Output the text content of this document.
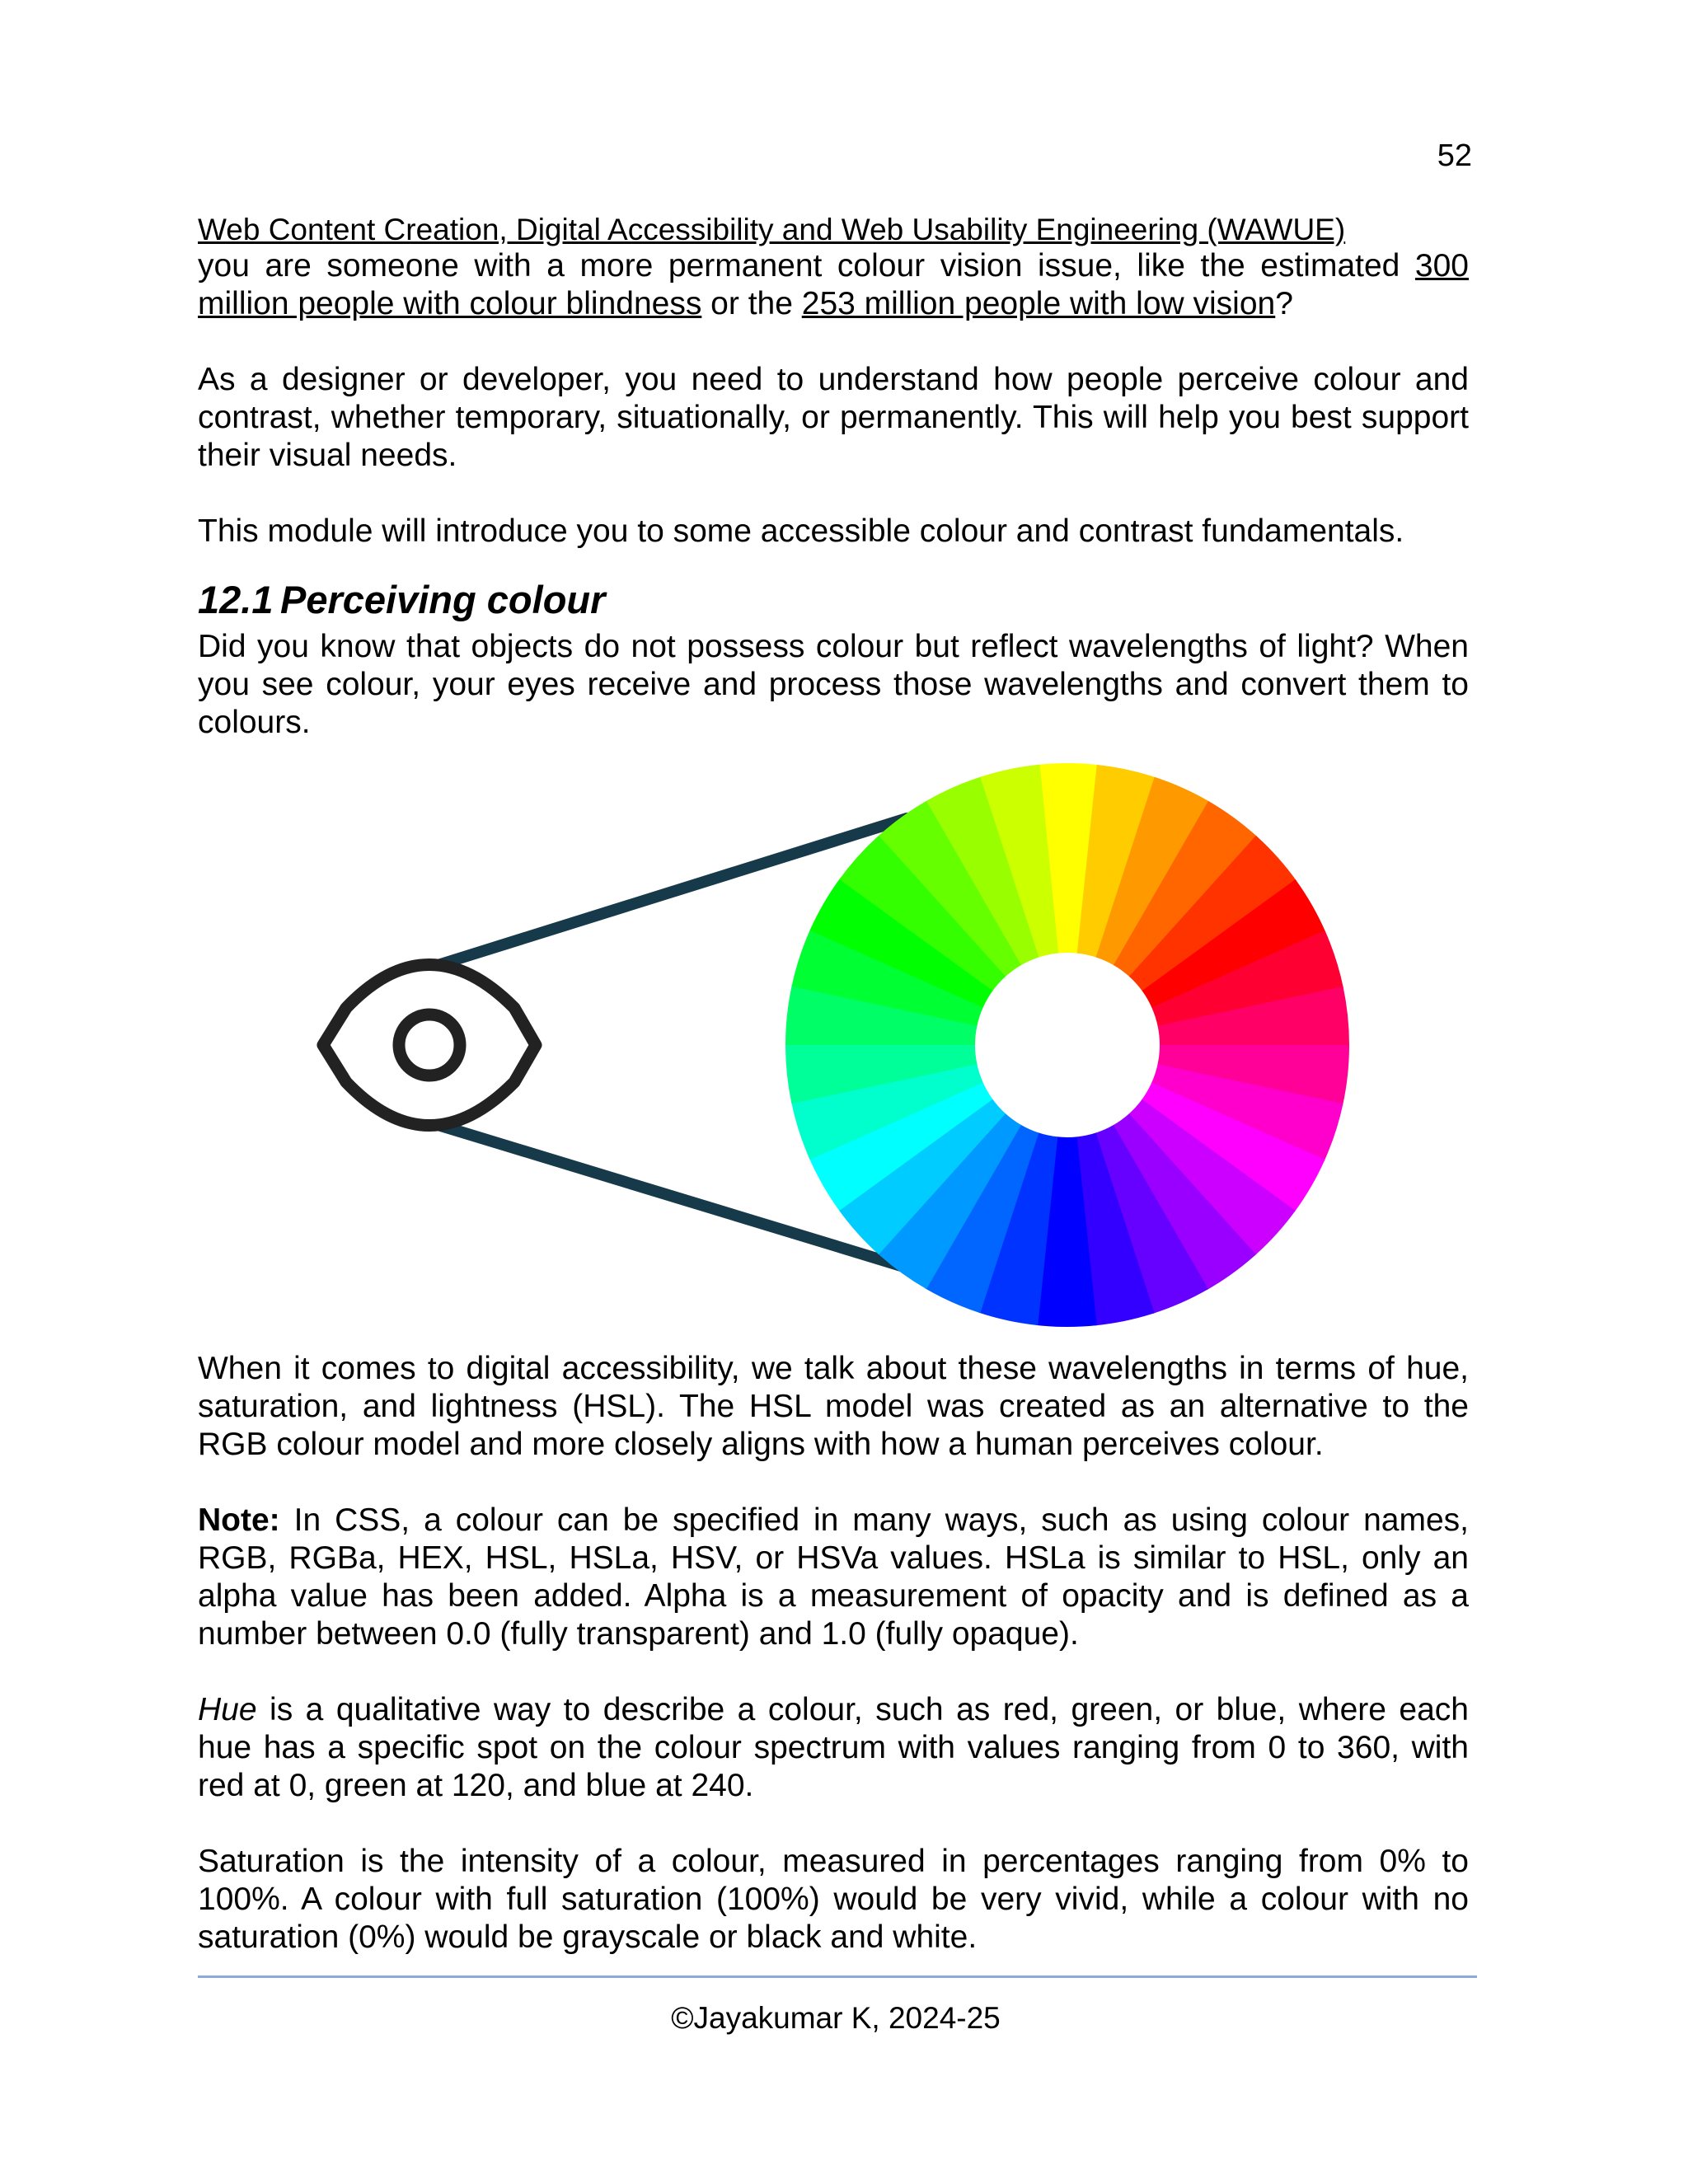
52
Web Content Creation, Digital Accessibility and Web Usability Engineering (WAWUE)

you are someone with a more permanent colour vision issue, like the estimated 300 million people with colour blindness or the 253 million people with low vision?

As a designer or developer, you need to understand how people perceive colour and contrast, whether temporary, situationally, or permanently. This will help you best support their visual needs.

This module will introduce you to some accessible colour and contrast fundamentals.

12.1 Perceiving colour

Did you know that objects do not possess colour but reflect wavelengths of light? When you see colour, your eyes receive and process those wavelengths and convert them to colours.

When it comes to digital accessibility, we talk about these wavelengths in terms of hue, saturation, and lightness (HSL). The HSL model was created as an alternative to the RGB colour model and more closely aligns with how a human perceives colour.

Note: In CSS, a colour can be specified in many ways, such as using colour names, RGB, RGBa, HEX, HSL, HSLa, HSV, or HSVa values. HSLa is similar to HSL, only an alpha value has been added. Alpha is a measurement of opacity and is defined as a number between 0.0 (fully transparent) and 1.0 (fully opaque).

Hue is a qualitative way to describe a colour, such as red, green, or blue, where each hue has a specific spot on the colour spectrum with values ranging from 0 to 360, with red at 0, green at 120, and blue at 240.

Saturation is the intensity of a colour, measured in percentages ranging from 0% to 100%. A colour with full saturation (100%) would be very vivid, while a colour with no saturation (0%) would be grayscale or black and white.

©Jayakumar K, 2024-25
